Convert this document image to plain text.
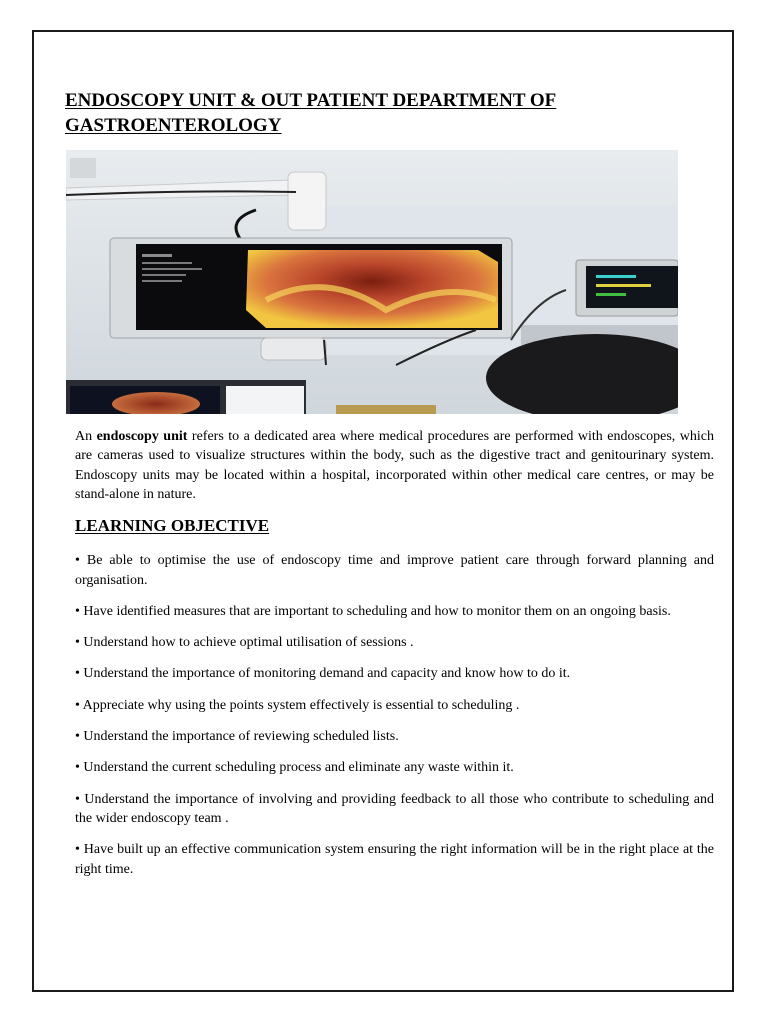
ENDOSCOPY UNIT & OUT PATIENT DEPARTMENT OF GASTROENTEROLOGY

An endoscopy unit refers to a dedicated area where medical procedures are performed with endoscopes, which are cameras used to visualize structures within the body, such as the digestive tract and genitourinary system. Endoscopy units may be located within a hospital, incorporated within other medical care centres, or may be stand-alone in nature.

LEARNING OBJECTIVE
• Be able to optimise the use of endoscopy time and improve patient care through forward planning and organisation.
• Have identified measures that are important to scheduling and how to monitor them on an ongoing basis.
• Understand how to achieve optimal utilisation of sessions .
• Understand the importance of monitoring demand and capacity and know how to do it.
• Appreciate why using the points system effectively is essential to scheduling .
• Understand the importance of reviewing scheduled lists.
• Understand the current scheduling process and eliminate any waste within it.
• Understand the importance of involving and providing feedback to all those who contribute to scheduling and the wider endoscopy team .
• Have built up an effective communication system ensuring the right information will be in the right place at the right time.
